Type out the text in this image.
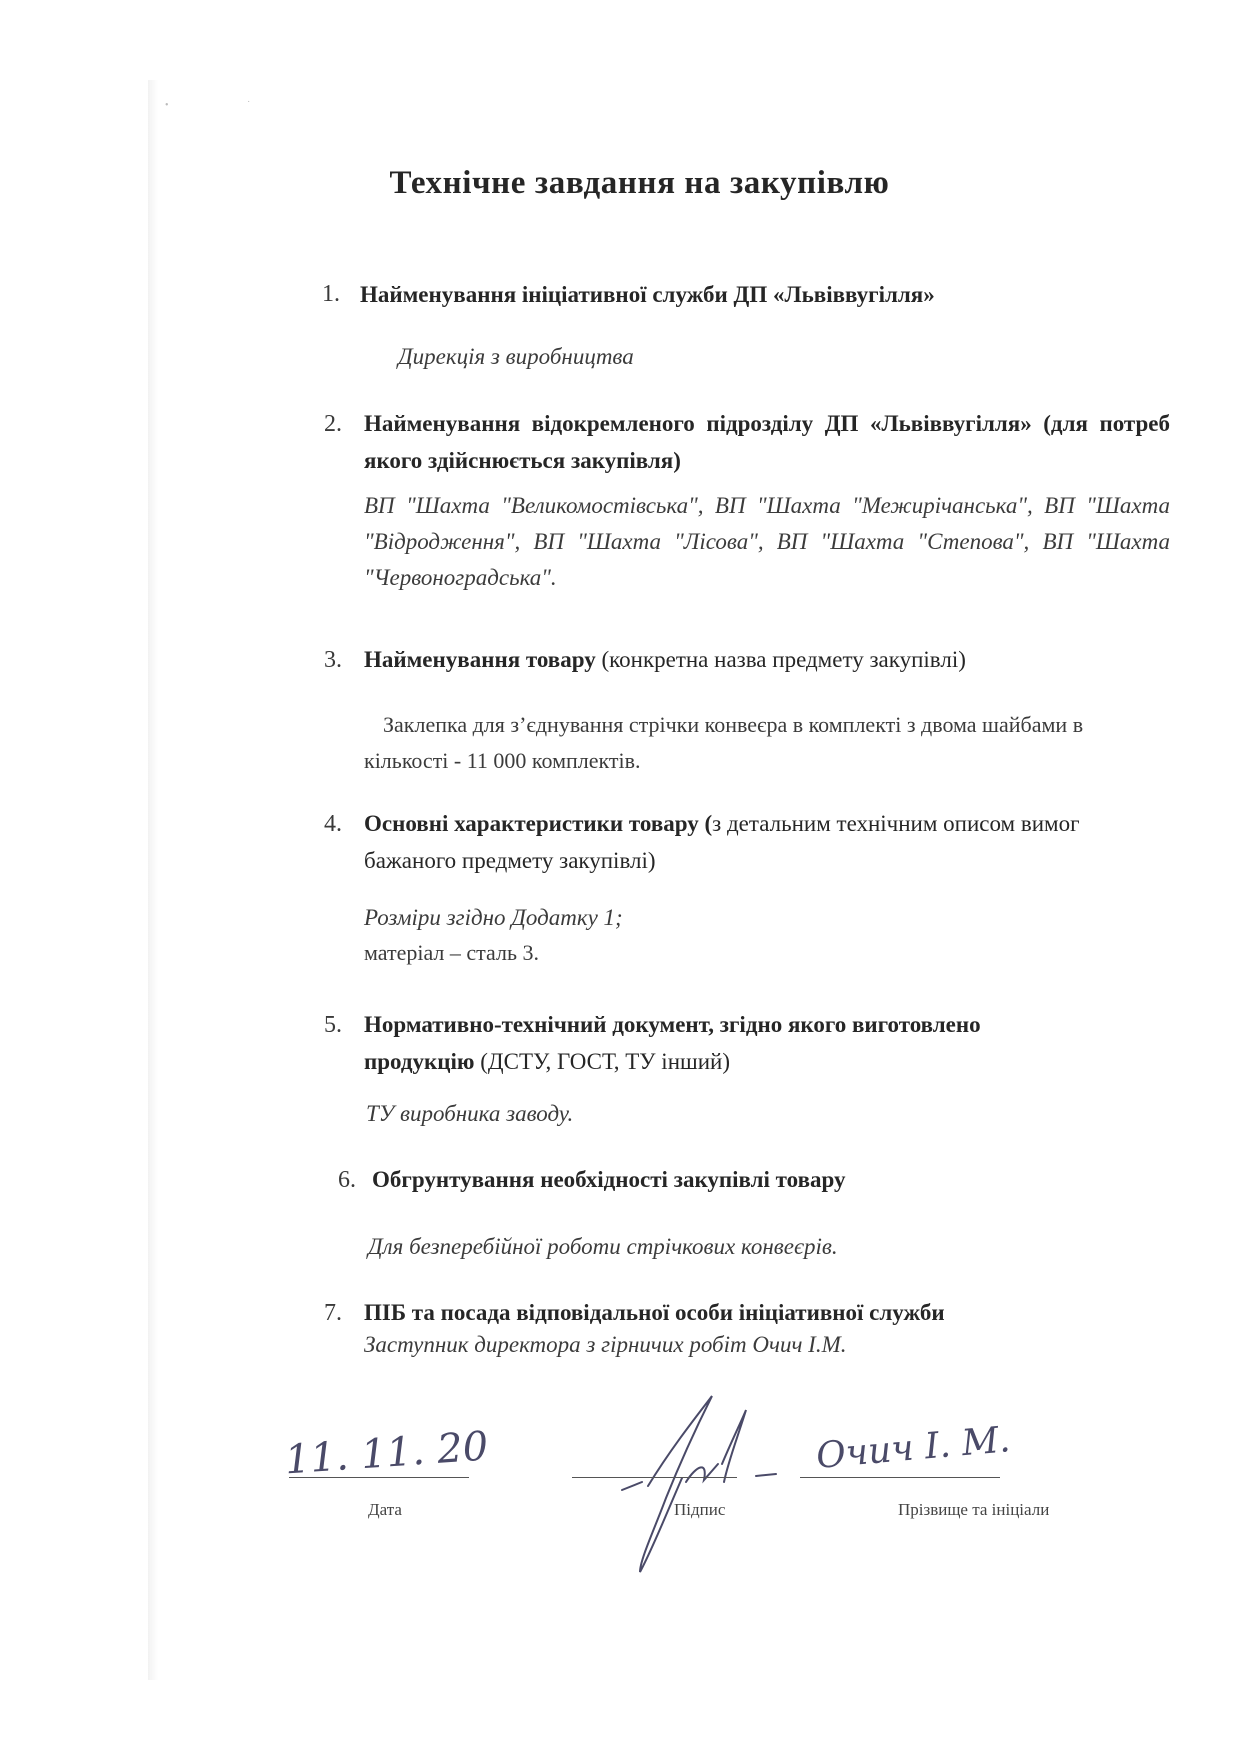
• ˙
Технічне завдання на закупівлю
1. Найменування ініціативної служби ДП «Львіввугілля»
Дирекція з виробництва
2. Найменування відокремленого підрозділу ДП «Львіввугілля» (для потреб якого здійснюється закупівля)
ВП "Шахта "Великомостівська", ВП "Шахта "Межирічанська", ВП "Шахта "Відродження", ВП "Шахта "Лісова", ВП "Шахта "Степова", ВП "Шахта "Червоноградська".
3. Найменування товару (конкретна назва предмету закупівлі)
Заклепка для з’єднування стрічки конвеєра в комплекті з двома шайбами в кількості - 11 000 комплектів.
4. Основні характеристики товару (з детальним технічним описом вимог бажаного предмету закупівлі)
Розміри згідно Додатку 1;
матеріал – сталь 3.
5. Нормативно-технічний документ, згідно якого виготовлено продукцію (ДСТУ, ГОСТ, ТУ інший)
ТУ виробника заводу.
6. Обгрунтування необхідності закупівлі товару
Для безперебійної роботи стрічкових конвеєрів.
7. ПІБ та посада відповідальної особи ініціативної служби
Заступник директора з гірничих робіт Очич І.М.
11. 11. 20
Дата	Підпис
Очич І. М.
Прізвище та ініціали
